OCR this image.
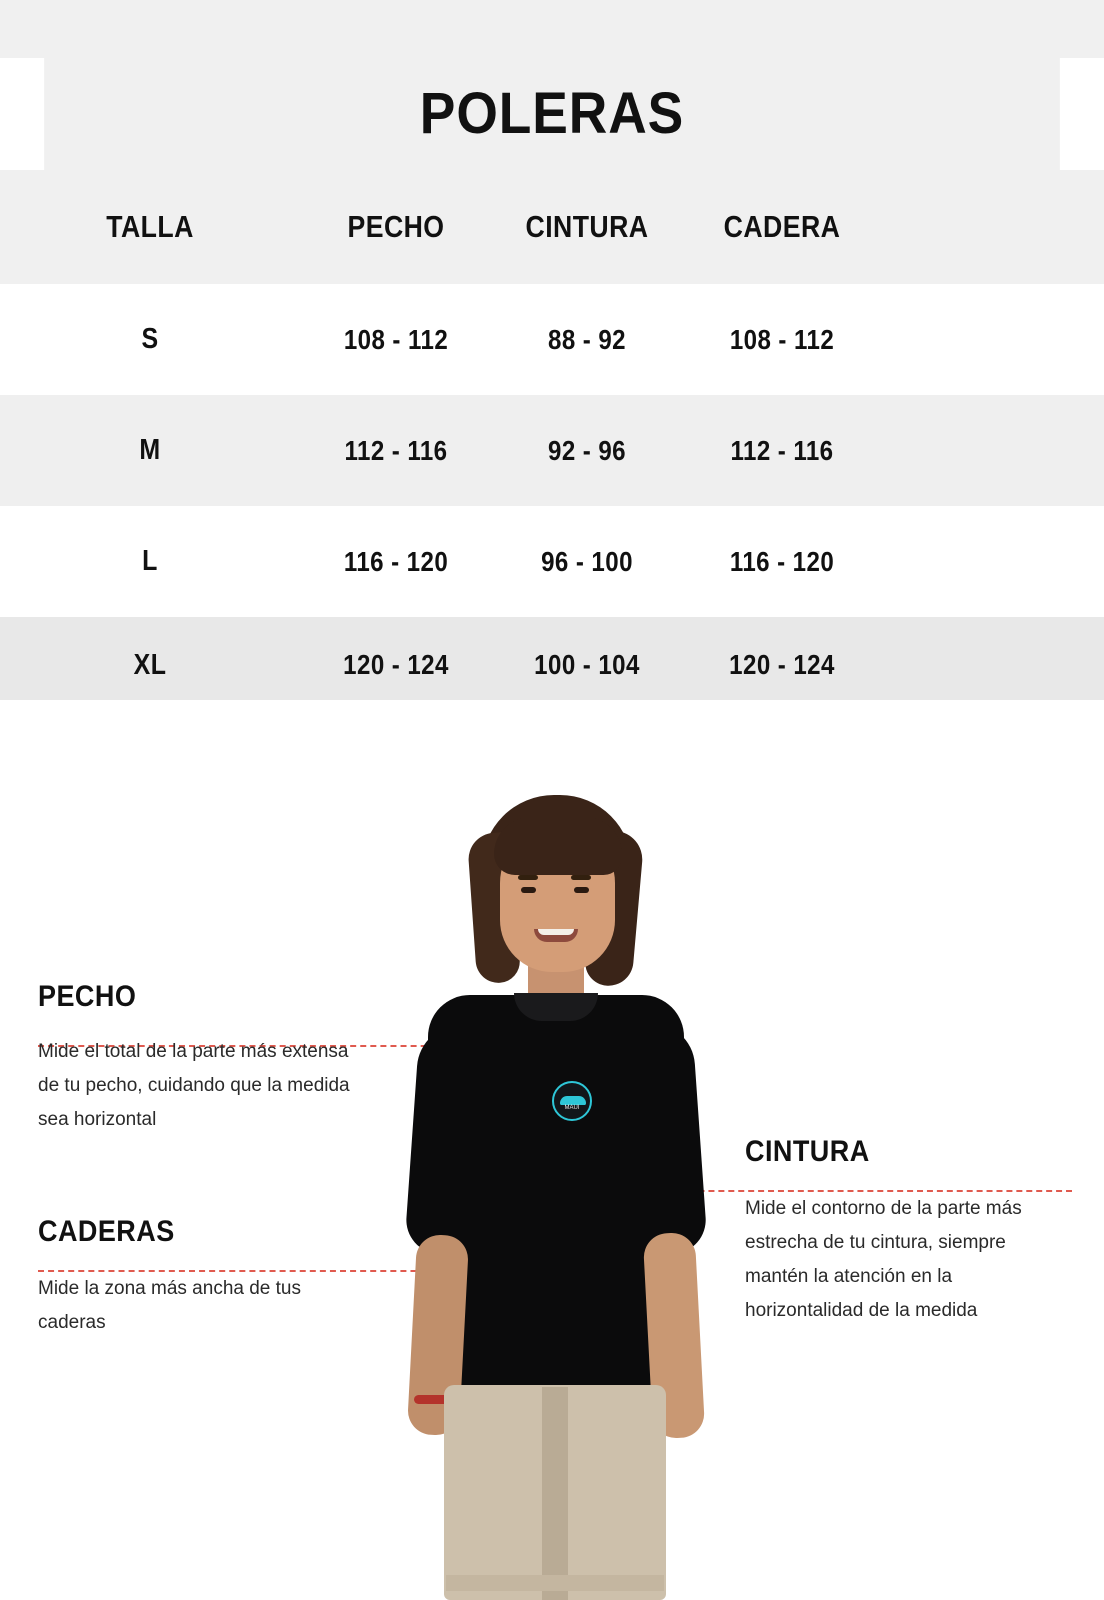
POLERAS
TALLA	PECHO	CINTURA	CADERA
S	108 - 112	88 - 92	108 - 112
M	112 - 116	92 - 96	112 - 116
L	116 - 120	96 - 100	116 - 120
XL	120 - 124	100 - 104	120 - 124
MAUI
PECHO
Mide el total de la parte más extensa de tu pecho, cuidando que la medida sea horizontal
CADERAS
Mide la zona más ancha de tus caderas
CINTURA
Mide el contorno de la parte más estrecha de tu cintura, siempre mantén la atención en la horizontalidad de la medida
